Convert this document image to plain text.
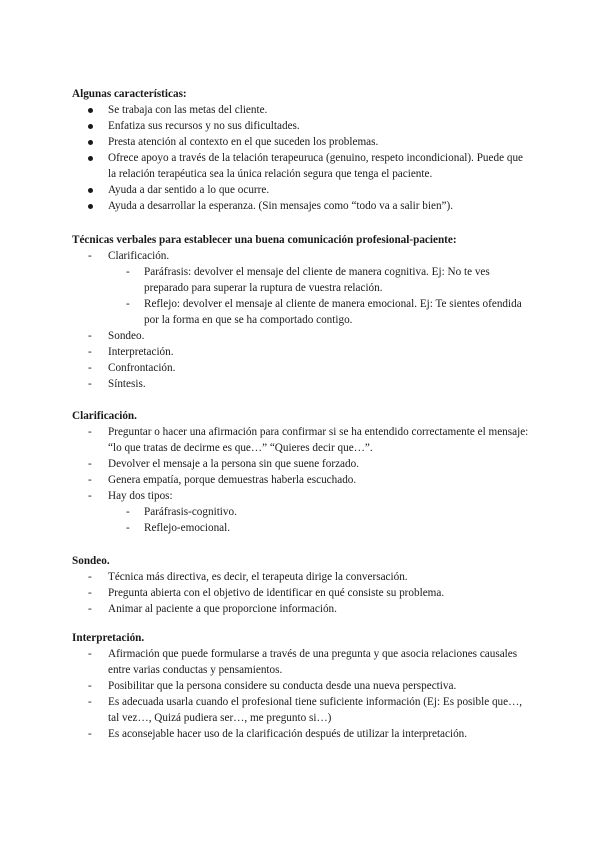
Algunas características:

Se trabaja con las metas del cliente.
Enfatiza sus recursos y no sus dificultades.
Presta atención al contexto en el que suceden los problemas.
Ofrece apoyo a través de la telación terapeuruca (genuino, respeto incondicional). Puede que la relación terapéutica sea la única relación segura que tenga el paciente.
Ayuda a dar sentido a lo que ocurre.
Ayuda a desarrollar la esperanza. (Sin mensajes como “todo va a salir bien”).

Técnicas verbales para establecer una buena comunicación profesional-paciente:

-	Clarificación.
-	Paráfrasis: devolver el mensaje del cliente de manera cognitiva. Ej: No te ves preparado para superar la ruptura de vuestra relación.
-	Reflejo: devolver el mensaje al cliente de manera emocional. Ej: Te sientes ofendida por la forma en que se ha comportado contigo.
-	Sondeo.
-	Interpretación.
-	Confrontación.
-	Síntesis.

Clarificación.

-	Preguntar o hacer una afirmación para confirmar si se ha entendido correctamente el mensaje: “lo que tratas de decirme es que…” “Quieres decir que…”.
-	Devolver el mensaje a la persona sin que suene forzado.
-	Genera empatía, porque demuestras haberla escuchado.
-	Hay dos tipos:
-	Paráfrasis-cognitivo.
-	Reflejo-emocional.

Sondeo.

-	Técnica más directiva, es decir, el terapeuta dirige la conversación.
-	Pregunta abierta con el objetivo de identificar en qué consiste su problema.
-	Animar al paciente a que proporcione información.

Interpretación.

-	Afirmación que puede formularse a través de una pregunta y que asocia relaciones causales entre varias conductas y pensamientos.
-	Posibilitar que la persona considere su conducta desde una nueva perspectiva.
-	Es adecuada usarla cuando el profesional tiene suficiente información (Ej: Es posible que…, tal vez…, Quizá pudiera ser…, me pregunto si…)
-	Es aconsejable hacer uso de la clarificación después de utilizar la interpretación.
